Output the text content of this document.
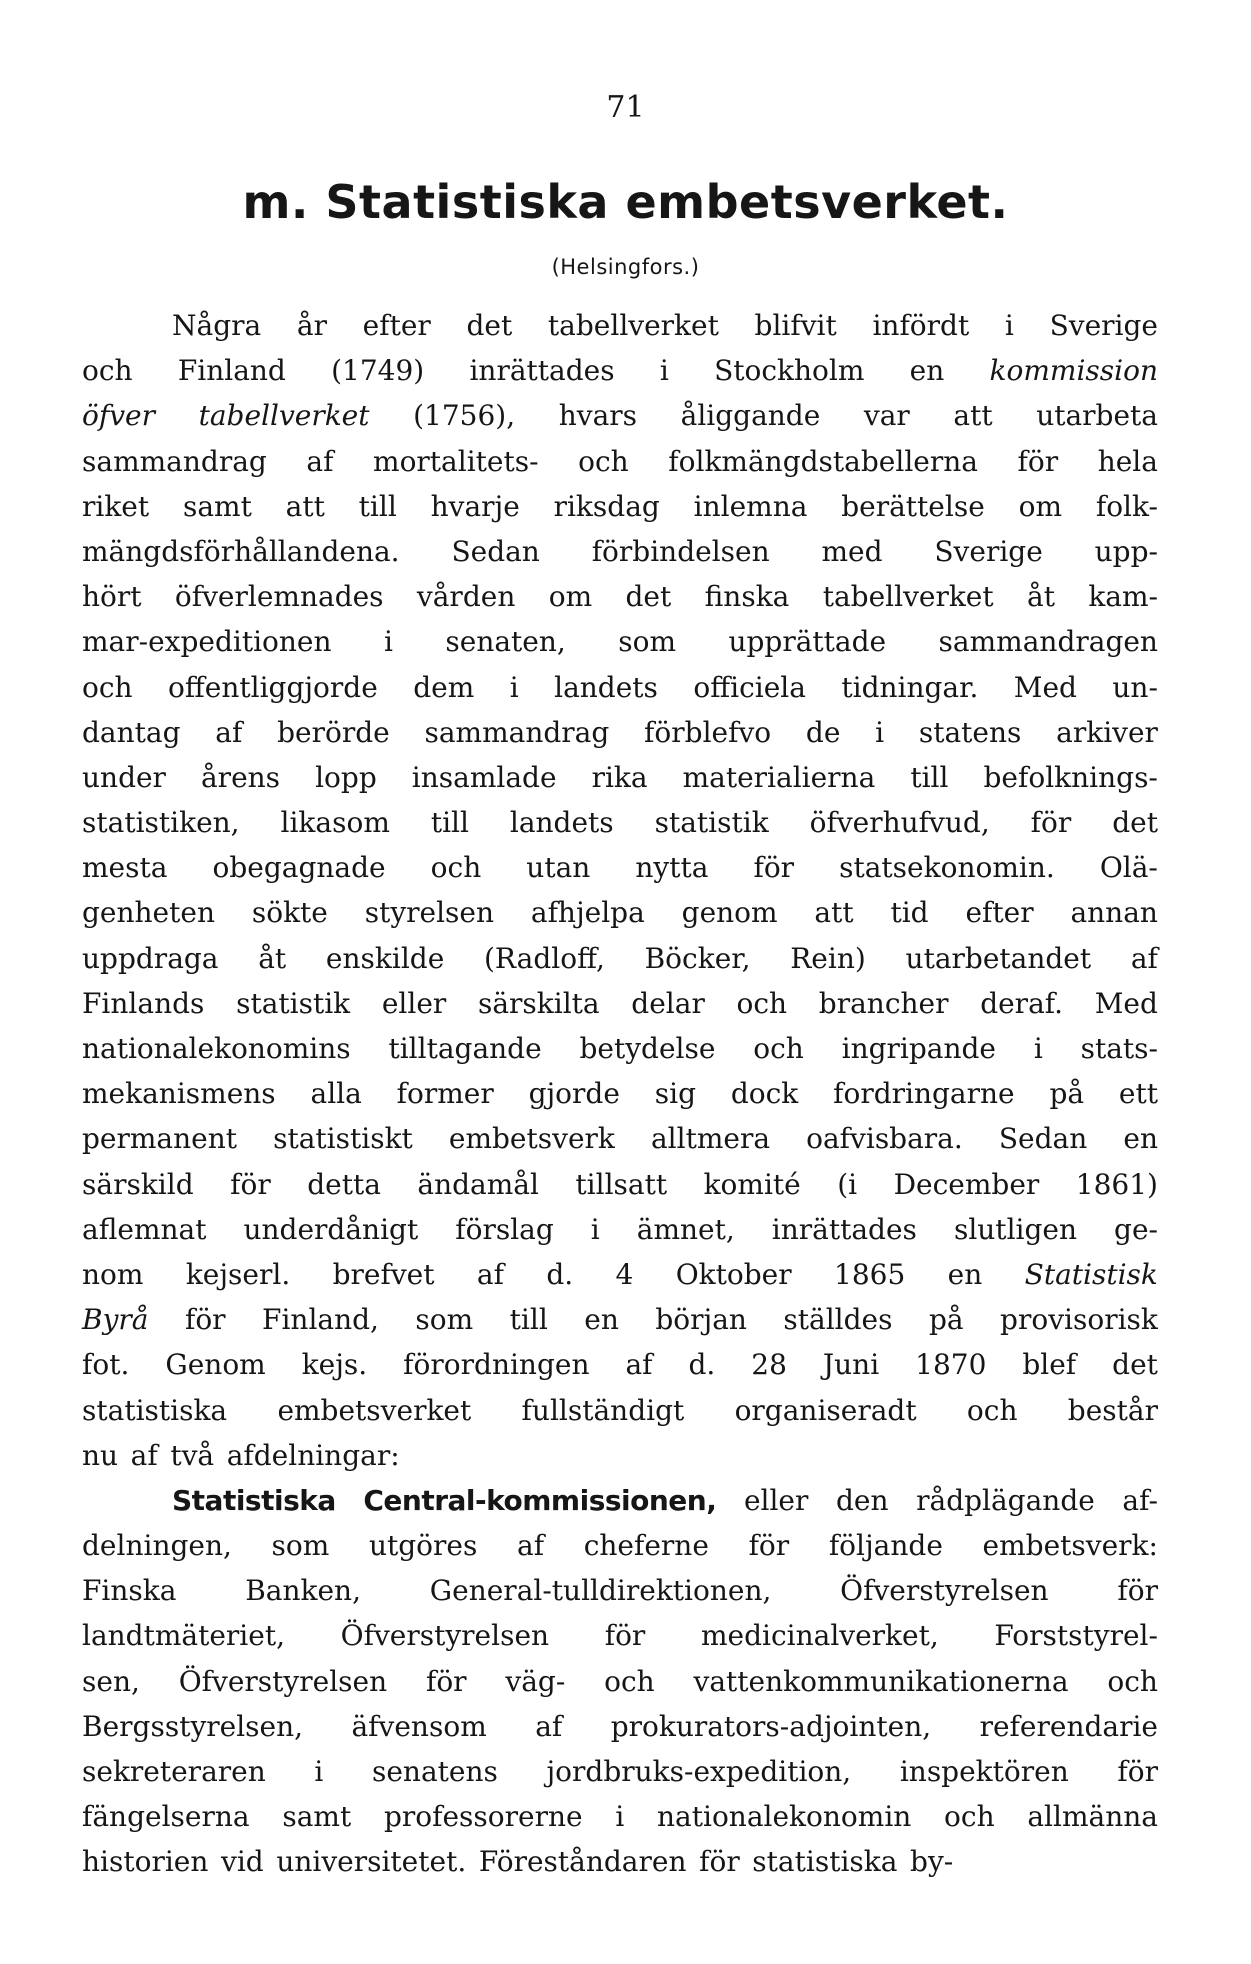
71
m. Statistiska embetsverket.
(Helsingfors.)
Några år efter det tabellverket blifvit infördt i Sverige
och Finland (1749) inrättades i Stockholm en kommission
öfver tabellverket (1756), hvars åliggande var att utarbeta
sammandrag af mortalitets- och folkmängdstabellerna för hela
riket samt att till hvarje riksdag inlemna berättelse om folk-
mängdsförhållandena. Sedan förbindelsen med Sverige upp-
hört öfverlemnades vården om det finska tabellverket åt kam-
mar-expeditionen i senaten, som upprättade sammandragen
och offentliggjorde dem i landets officiela tidningar. Med un-
dantag af berörde sammandrag förblefvo de i statens arkiver
under årens lopp insamlade rika materialierna till befolknings-
statistiken, likasom till landets statistik öfverhufvud, för det
mesta obegagnade och utan nytta för statsekonomin. Olä-
genheten sökte styrelsen afhjelpa genom att tid efter annan
uppdraga åt enskilde (Radloff, Böcker, Rein) utarbetandet af
Finlands statistik eller särskilta delar och brancher deraf. Med
nationalekonomins tilltagande betydelse och ingripande i stats-
mekanismens alla former gjorde sig dock fordringarne på ett
permanent statistiskt embetsverk alltmera oafvisbara. Sedan en
särskild för detta ändamål tillsatt komité (i December 1861)
aflemnat underdånigt förslag i ämnet, inrättades slutligen ge-
nom kejserl. brefvet af d. 4 Oktober 1865 en Statistisk
Byrå för Finland, som till en början ställdes på provisorisk
fot. Genom kejs. förordningen af d. 28 Juni 1870 blef det
statistiska embetsverket fullständigt organiseradt och består
nu af två afdelningar:
Statistiska Central-kommissionen, eller den rådplägande af-
delningen, som utgöres af cheferne för följande embetsverk:
Finska Banken, General-tulldirektionen, Öfverstyrelsen för
landtmäteriet, Öfverstyrelsen för medicinalverket, Forststyrel-
sen, Öfverstyrelsen för väg- och vattenkommunikationerna och
Bergsstyrelsen, äfvensom af prokurators-adjointen, referendarie
sekreteraren i senatens jordbruks-expedition, inspektören för
fängelserna samt professorerne i nationalekonomin och allmänna
historien vid universitetet. Föreståndaren för statistiska by-
